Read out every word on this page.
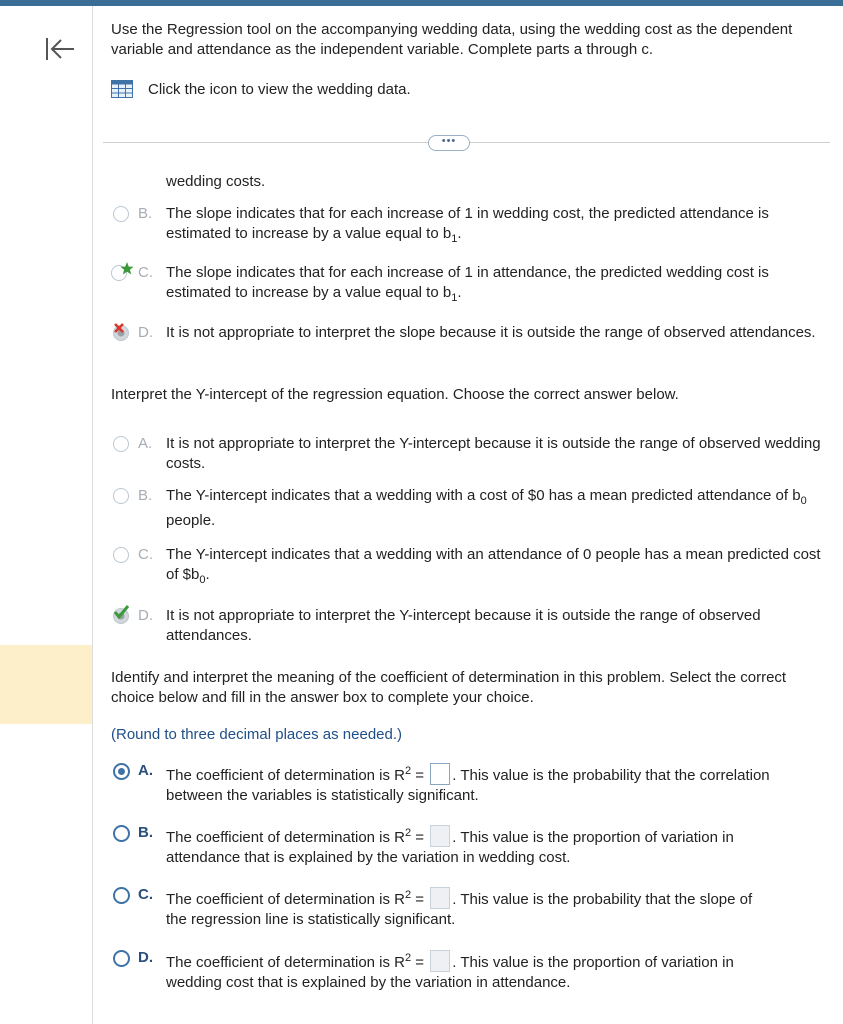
Use the Regression tool on the accompanying wedding data, using the wedding cost as the dependent variable and attendance as the independent variable. Complete parts a through c.
Click the icon to view the wedding data.
•••
wedding costs.
B. The slope indicates that for each increase of 1 in wedding cost, the predicted attendance is estimated to increase by a value equal to $b_1$.
C. The slope indicates that for each increase of 1 in attendance, the predicted wedding cost is estimated to increase by a value equal to $b_1$.
D. It is not appropriate to interpret the slope because it is outside the range of observed attendances.
Interpret the Y-intercept of the regression equation. Choose the correct answer below.
A. It is not appropriate to interpret the Y-intercept because it is outside the range of observed wedding costs.
B. The Y-intercept indicates that a wedding with a cost of $0 has a mean predicted attendance of $b_0$ people.
C. The Y-intercept indicates that a wedding with an attendance of 0 people has a mean predicted cost of $\$b_0$.
D. It is not appropriate to interpret the Y-intercept because it is outside the range of observed attendances.
Identify and interpret the meaning of the coefficient of determination in this problem. Select the correct choice below and fill in the answer box to complete your choice.
(Round to three decimal places as needed.)
A. The coefficient of determination is $R^2$ = . This value is the probability that the correlation
between the variables is statistically significant.
B. The coefficient of determination is $R^2$ = . This value is the proportion of variation in
attendance that is explained by the variation in wedding cost.
C. The coefficient of determination is $R^2$ = . This value is the probability that the slope of
the regression line is statistically significant.
D. The coefficient of determination is $R^2$ = . This value is the proportion of variation in
wedding cost that is explained by the variation in attendance.
